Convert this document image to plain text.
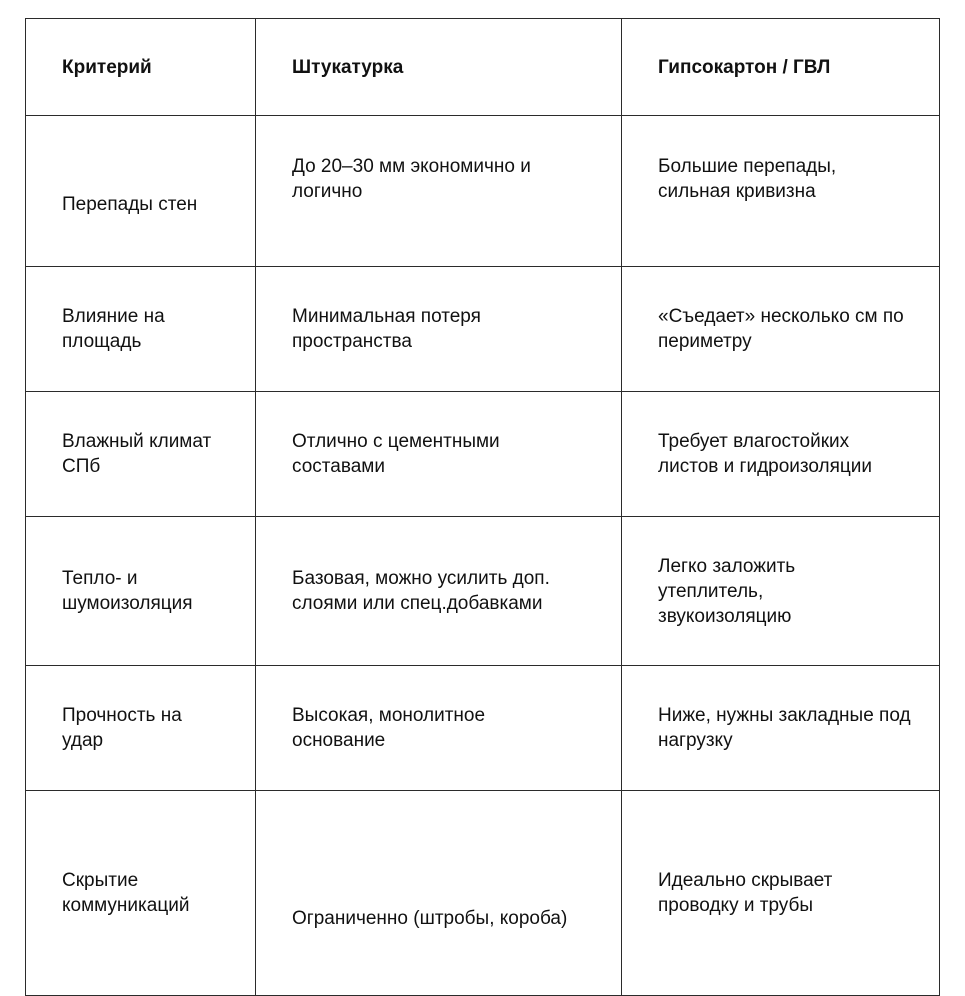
Критерий	Штукатурка	Гипсокартон / ГВЛ

Перепады стен	До 20–30 мм экономично и логично	Большие перепады, сильная кривизна

Влияние на площадь	Минимальная потеря пространства	«Съедает» несколько см по периметру

Влажный климат СПб	Отлично с цементными составами	Требует влагостойких листов и гидроизоляции

Тепло- и шумоизоляция	Базовая, можно усилить доп. слоями или спец.добавками	Легко заложить утеплитель, звукоизоляцию

Прочность на удар	Высокая, монолитное основание	Ниже, нужны закладные под нагрузку

Скрытие коммуникаций	Ограниченно (штробы, короба)	Идеально скрывает проводку и трубы
